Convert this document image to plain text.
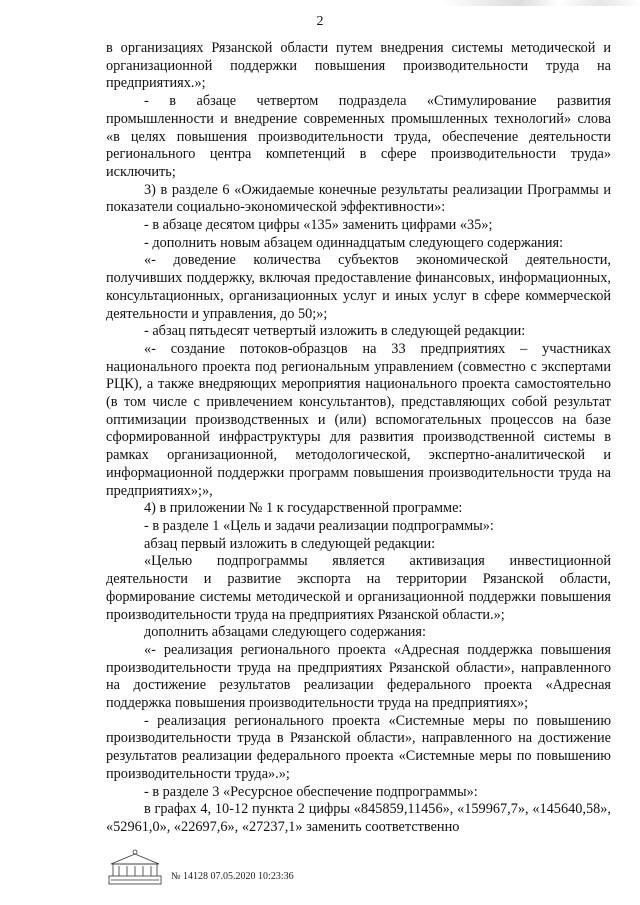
2

в организациях Рязанской области путем внедрения системы методической и организационной поддержки повышения производительности труда на предприятиях.»;

- в абзаце четвертом подраздела «Стимулирование развития промышленности и внедрение современных промышленных технологий» слова «в целях повышения производительности труда, обеспечение деятельности регионального центра компетенций в сфере производительности труда» исключить;

3) в разделе 6 «Ожидаемые конечные результаты реализации Программы и показатели социально-экономической эффективности»:

- в абзаце десятом цифры «135» заменить цифрами «35»;

- дополнить новым абзацем одиннадцатым следующего содержания:

«- доведение количества субъектов экономической деятельности, получивших поддержку, включая предоставление финансовых, информационных, консультационных, организационных услуг и иных услуг в сфере коммерческой деятельности и управления, до 50;»;

- абзац пятьдесят четвертый изложить в следующей редакции:

«- создание потоков-образцов на 33 предприятиях – участниках национального проекта под региональным управлением (совместно с экспертами РЦК), а также внедряющих мероприятия национального проекта самостоятельно (в том числе с привлечением консультантов), представляющих собой результат оптимизации производственных и (или) вспомогательных процессов на базе сформированной инфраструктуры для развития производственной системы в рамках организационной, методологической, экспертно-аналитической и информационной поддержки программ повышения производительности труда на предприятиях»;»,

4) в приложении № 1 к государственной программе:

- в разделе 1 «Цель и задачи реализации подпрограммы»:

абзац первый изложить в следующей редакции:

«Целью подпрограммы является активизация инвестиционной деятельности и развитие экспорта на территории Рязанской области, формирование системы методической и организационной поддержки повышения производительности труда на предприятиях Рязанской области.»;

дополнить абзацами следующего содержания:

«- реализация регионального проекта «Адресная поддержка повышения производительности труда на предприятиях Рязанской области», направленного на достижение результатов реализации федерального проекта «Адресная поддержка повышения производительности труда на предприятиях»;

- реализация регионального проекта «Системные меры по повышению производительности труда в Рязанской области», направленного на достижение результатов реализации федерального проекта «Системные меры по повышению производительности труда».»;

- в разделе 3 «Ресурсное обеспечение подпрограммы»:

в графах 4, 10-12 пункта 2 цифры «845859,11456», «159967,7», «145640,58», «52961,0», «22697,6», «27237,1» заменить соответственно

№ 14128 07.05.2020 10:23:36
